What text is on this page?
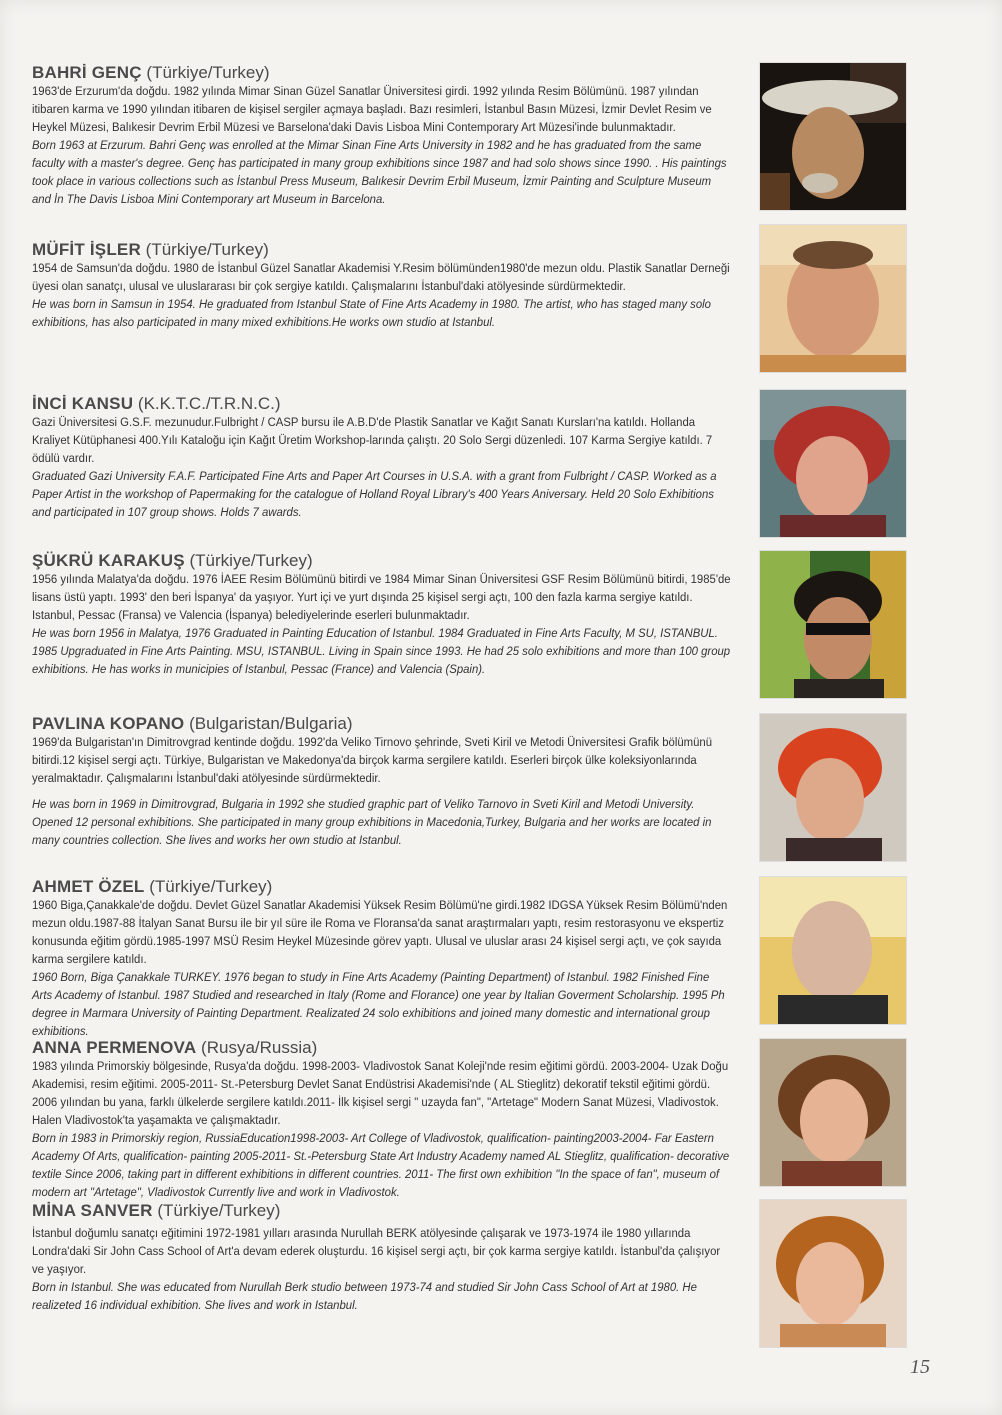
BAHRİ GENÇ (Türkiye/Turkey)

1963'de Erzurum'da doğdu. 1982 yılında Mimar Sinan Güzel Sanatlar Üniversitesi girdi. 1992 yılında Resim Bölümünü. 1987 yılından itibaren karma ve 1990 yılından itibaren de kişisel sergiler açmaya başladı. Bazı resimleri, İstanbul Basın Müzesi, İzmir Devlet Resim ve Heykel Müzesi, Balıkesir Devrim Erbil Müzesi ve Barselona'daki Davis Lisboa Mini Contemporary Art Müzesi'inde bulunmaktadır.

Born 1963 at Erzurum. Bahri Genç was enrolled at the Mimar Sinan Fine Arts University in 1982 and he has graduated from the same faculty with a master's degree. Genç has participated in many group exhibitions since 1987 and had solo shows since 1990. . His paintings took place in various collections such as İstanbul Press Museum, Balıkesir Devrim Erbil Museum, İzmir Painting and Sculpture Museum and İn The Davis Lisboa Mini Contemporary art Museum in Barcelona.

MÜFİT İŞLER (Türkiye/Turkey)

1954 de Samsun'da doğdu. 1980 de İstanbul Güzel Sanatlar Akademisi Y.Resim bölümünden1980'de mezun oldu. Plastik Sanatlar Derneği üyesi olan sanatçı, ulusal ve uluslararası bir çok sergiye katıldı. Çalışmalarını İstanbul'daki atölyesinde sürdürmektedir.

He was born in Samsun in 1954. He graduated from Istanbul State of Fine Arts Academy in 1980. The artist, who has staged many solo exhibitions, has also participated in many mixed exhibitions.He works own studio at Istanbul.

İNCİ KANSU (K.K.T.C./T.R.N.C.)

Gazi Üniversitesi G.S.F. mezunudur.Fulbright / CASP bursu ile A.B.D'de Plastik Sanatlar ve Kağıt Sanatı Kursları'na katıldı. Hollanda Kraliyet Kütüphanesi 400.Yılı Kataloğu için Kağıt Üretim Workshop-larında çalıştı. 20 Solo Sergi düzenledi. 107 Karma Sergiye katıldı. 7 ödülü vardır.

Graduated Gazi University F.A.F. Participated Fine Arts and Paper Art Courses in U.S.A. with a grant from Fulbright / CASP. Worked as a Paper Artist in the workshop of Papermaking for the catalogue of Holland Royal Library's 400 Years Aniversary. Held 20 Solo Exhibitions and participated in 107 group shows. Holds 7 awards.

ŞÜKRÜ KARAKUŞ (Türkiye/Turkey)

1956 yılında Malatya'da doğdu. 1976 İAEE Resim Bölümünü bitirdi ve 1984 Mimar Sinan Üniversitesi GSF Resim Bölümünü bitirdi, 1985'de lisans üstü yaptı. 1993' den beri İspanya' da yaşıyor. Yurt içi ve yurt dışında 25 kişisel sergi açtı, 100 den fazla karma sergiye katıldı. Istanbul, Pessac (Fransa) ve Valencia (İspanya) belediyelerinde eserleri bulunmaktadır.

He was born 1956 in Malatya, 1976 Graduated in Painting Education of Istanbul. 1984 Graduated in Fine Arts Faculty, M SU, ISTANBUL. 1985 Upgraduated in Fine Arts Painting. MSU, ISTANBUL. Living in Spain since 1993. He had 25 solo exhibitions and more than 100 group exhibitions. He has works in municipies of Istanbul, Pessac (France) and Valencia (Spain).

PAVLINA KOPANO (Bulgaristan/Bulgaria)

1969'da Bulgaristan'ın Dimitrovgrad kentinde doğdu. 1992'da Veliko Tirnovo şehrinde, Sveti Kiril ve Metodi Üniversitesi Grafik bölümünü bitirdi.12 kişisel sergi açtı. Türkiye, Bulgaristan ve Makedonya'da birçok karma sergilere katıldı. Eserleri birçok ülke koleksiyonlarında yeralmaktadır. Çalışmalarını İstanbul'daki atölyesinde sürdürmektedir.

He was born in 1969 in Dimitrovgrad, Bulgaria in 1992 she studied graphic part of Veliko Tarnovo in Sveti Kiril and Metodi University. Opened 12 personal exhibitions. She participated in many group exhibitions in Macedonia,Turkey, Bulgaria and her works are located in many countries collection. She lives and works her own studio at Istanbul.

AHMET ÖZEL (Türkiye/Turkey)

1960 Biga,Çanakkale'de doğdu. Devlet Güzel Sanatlar Akademisi Yüksek Resim Bölümü'ne girdi.1982 IDGSA Yüksek Resim Bölümü'nden mezun oldu.1987-88 İtalyan Sanat Bursu ile bir yıl süre ile Roma ve Floransa'da sanat araştırmaları yaptı, resim restorasyonu ve ekspertiz konusunda eğitim gördü.1985-1997 MSÜ Resim Heykel Müzesinde görev yaptı. Ulusal ve uluslar arası 24 kişisel sergi açtı, ve çok sayıda karma sergilere katıldı.

1960 Born, Biga Çanakkale TURKEY. 1976 began to study in Fine Arts Academy (Painting Department) of Istanbul. 1982 Finished Fine Arts Academy of Istanbul. 1987 Studied and researched in Italy (Rome and Florance) one year by Italian Goverment Scholarship. 1995 Ph degree in Marmara University of Painting Department. Realizated 24 solo exhibitions and joined many domestic and international group exhibitions.

ANNA PERMENOVA (Rusya/Russia)

1983 yılında Primorskiy bölgesinde, Rusya'da doğdu. 1998-2003- Vladivostok Sanat Koleji'nde resim eğitimi gördü. 2003-2004- Uzak Doğu Akademisi, resim eğitimi. 2005-2011- St.-Petersburg Devlet Sanat Endüstrisi Akademisi'nde ( AL Stieglitz) dekoratif tekstil eğitimi gördü. 2006 yılından bu yana, farklı ülkelerde sergilere katıldı.2011- İlk kişisel sergi " uzayda fan", "Artetage" Modern Sanat Müzesi, Vladivostok. Halen Vladivostok'ta yaşamakta ve çalışmaktadır.

Born in 1983 in Primorskiy region, RussiaEducation1998-2003- Art College of Vladivostok, qualification- painting2003-2004- Far Eastern Academy Of Arts, qualification- painting 2005-2011- St.-Petersburg State Art Industry Academy named AL Stieglitz, qualification- decorative textile Since 2006, taking part in different exhibitions in different countries. 2011- The first own exhibition "In the space of fan", museum of modern art "Artetage", Vladivostok Currently live and work in Vladivostok.

MİNA SANVER (Türkiye/Turkey)

İstanbul doğumlu sanatçı eğitimini 1972-1981 yılları arasında Nurullah BERK atölyesinde çalışarak ve 1973-1974 ile 1980 yıllarında Londra'daki Sir John Cass School of Art'a devam ederek oluşturdu. 16 kişisel sergi açtı, bir çok karma sergiye katıldı. İstanbul'da çalışıyor ve yaşıyor.

Born in Istanbul. She was educated from Nurullah Berk studio between 1973-74 and studied Sir John Cass School of Art at 1980. He realizeted 16 individual exhibition. She lives and work in Istanbul.

15
